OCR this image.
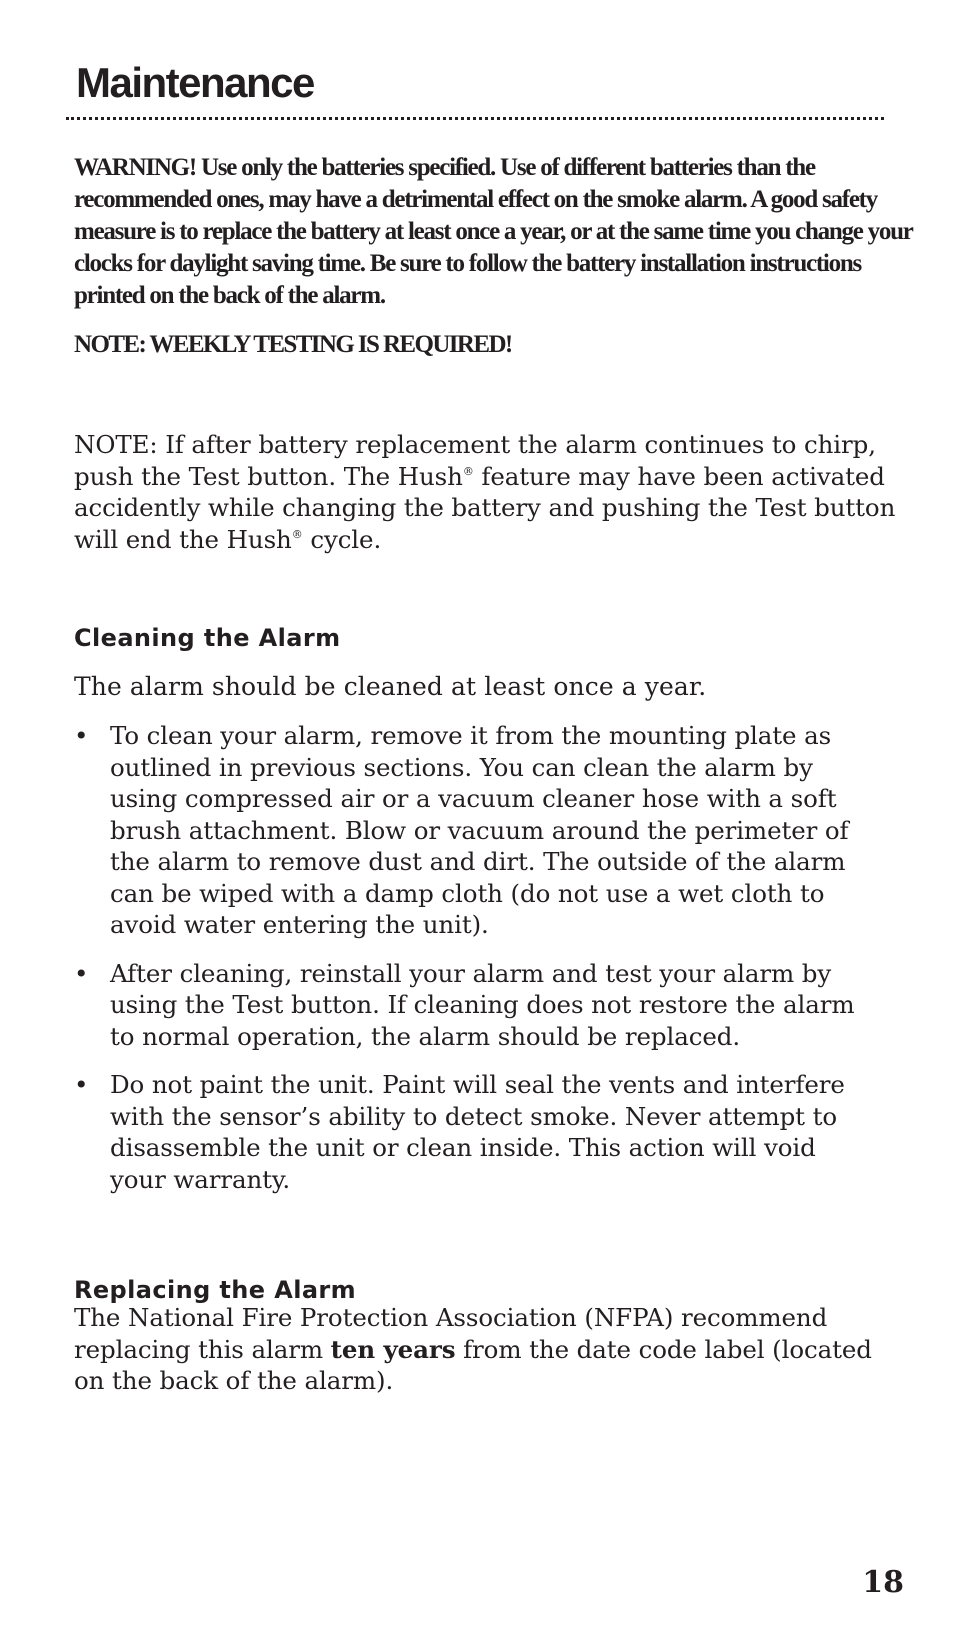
Maintenance

WARNING! Use only the batteries specified. Use of different batteries than the recommended ones, may have a detrimental effect on the smoke alarm. A good safety measure is to replace the battery at least once a year, or at the same time you change your clocks for daylight saving time. Be sure to follow the battery installation instructions printed on the back of the alarm.

NOTE: WEEKLY TESTING IS REQUIRED!

NOTE: If after battery replacement the alarm continues to chirp, push the Test button. The Hush® feature may have been activated accidently while changing the battery and pushing the Test button will end the Hush® cycle.

Cleaning the Alarm

The alarm should be cleaned at least once a year.

• To clean your alarm, remove it from the mounting plate as outlined in previous sections. You can clean the alarm by using compressed air or a vacuum cleaner hose with a soft brush attachment. Blow or vacuum around the perimeter of the alarm to remove dust and dirt. The outside of the alarm can be wiped with a damp cloth (do not use a wet cloth to avoid water entering the unit).
• After cleaning, reinstall your alarm and test your alarm by using the Test button. If cleaning does not restore the alarm to normal operation, the alarm should be replaced.
• Do not paint the unit. Paint will seal the vents and interfere with the sensor’s ability to detect smoke. Never attempt to disassemble the unit or clean inside. This action will void your warranty.
Replacing the Alarm

The National Fire Protection Association (NFPA) recommend replacing this alarm ten years from the date code label (located on the back of the alarm).

18
